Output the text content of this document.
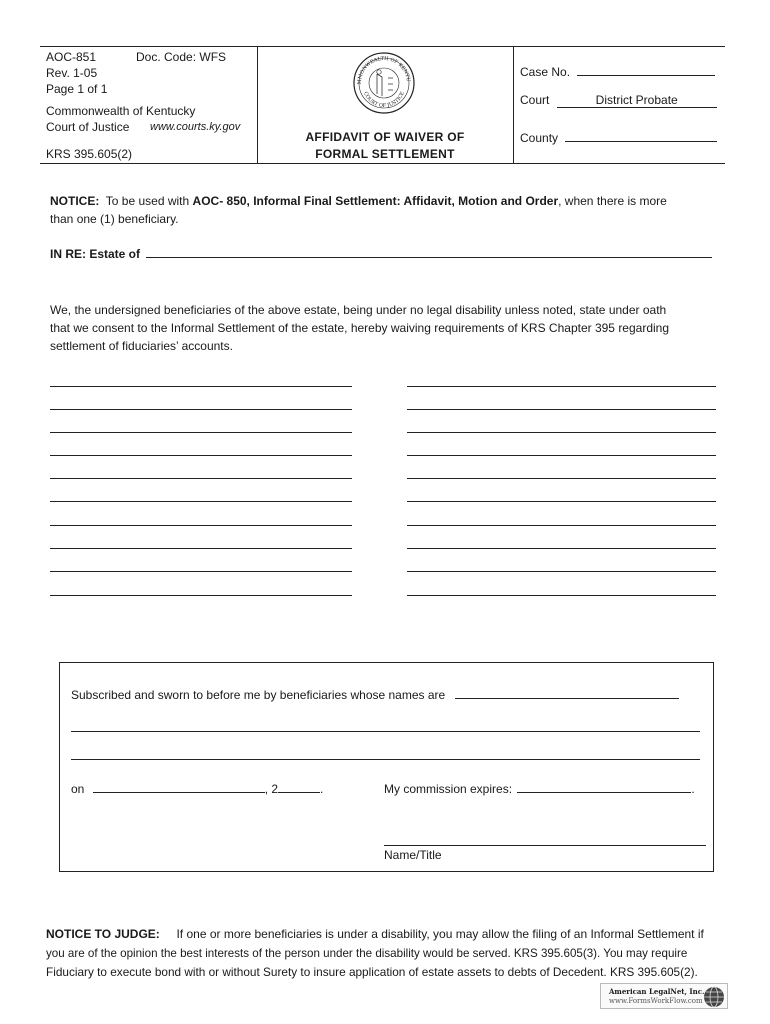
AOC-851	Doc. Code: WFS
Rev. 1-05
Page 1 of 1
Commonwealth of Kentucky
Court of Justice www.courts.ky.gov
KRS 395.605(2)
MMONWEALTH OF KENTU
COURT OF JUSTICE
AFFIDAVIT OF WAIVER OF
FORMAL SETTLEMENT
Case No.
Court	District Probate
County
NOTICE: To be used with AOC- 850, Informal Final Settlement: Affidavit, Motion and Order, when there is more
than one (1) beneficiary.
IN RE: Estate of
We, the undersigned beneficiaries of the above estate, being under no legal disability unless noted, state under oath
that we consent to the Informal Settlement of the estate, hereby waiving requirements of KRS Chapter 395 regarding
settlement of fiduciaries’ accounts.
Subscribed and sworn to before me by beneficiaries whose names are
on	, 2	.	My commission expires:	.
Name/Title
NOTICE TO JUDGE: If one or more beneficiaries is under a disability, you may allow the filing of an Informal Settlement if
you are of the opinion the best interests of the person under the disability would be served. KRS 395.605(3). You may require
Fiduciary to execute bond with or without Surety to insure application of estate assets to debts of Decedent. KRS 395.605(2).
American LegalNet, Inc.
www.FormsWorkFlow.com
